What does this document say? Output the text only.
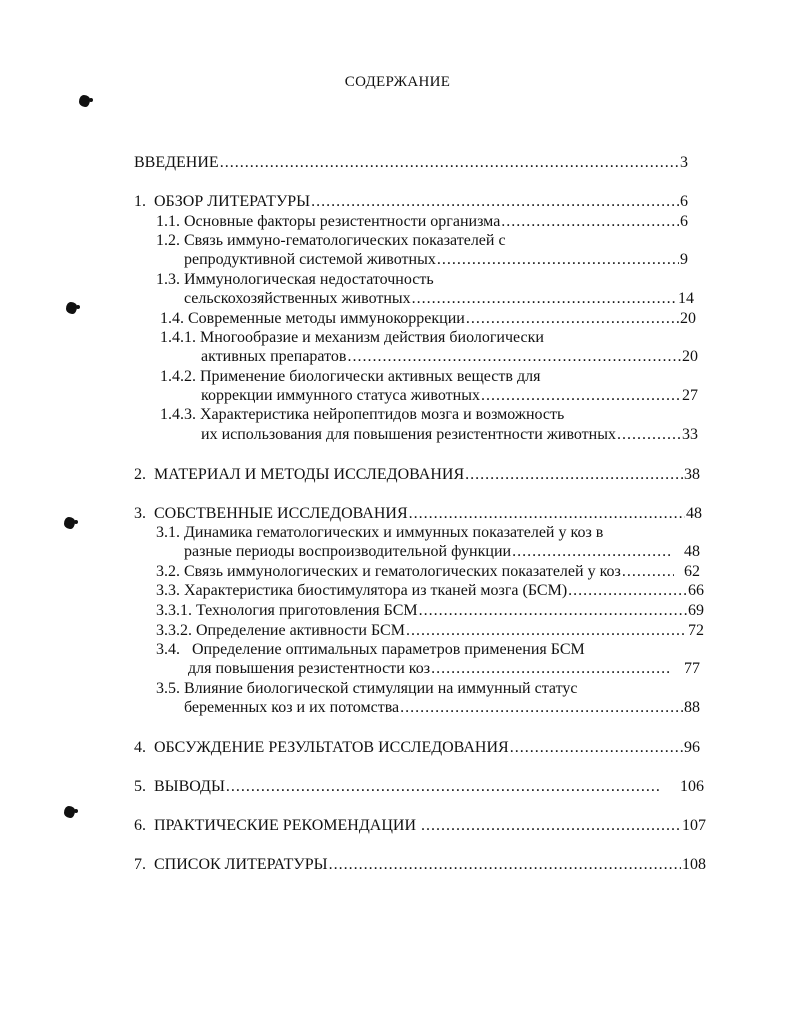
СОДЕРЖАНИЕ
ВВЕДЕНИЕ .....	3
1. ОБЗОР ЛИТЕРАТУРЫ .....	6
1.1. Основные факторы резистентности организма .....	6
1.2. Связь иммуно-гематологических показателей с
репродуктивной системой животных .....	9
1.3. Иммунологическая недостаточность
сельскохозяйственных животных .....	14
1.4. Современные методы иммунокоррекции .....	20
1.4.1. Многообразие и механизм действия биологически
активных препаратов .....	20
1.4.2. Применение биологически активных веществ для
коррекции иммунного статуса животных .....	27
1.4.3. Характеристика нейропептидов мозга и возможность
их использования для повышения резистентности животных .....	33
2. МАТЕРИАЛ И МЕТОДЫ ИССЛЕДОВАНИЯ .....	38
3. СОБСТВЕННЫЕ ИССЛЕДОВАНИЯ .....	48
3.1. Динамика гематологических и иммунных показателей у коз в
разные периоды воспроизводительной функции .....	48
3.2. Связь иммунологических и гематологических показателей у коз .....	62
3.3. Характеристика биостимулятора из тканей мозга (БСМ) .....	66
3.3.1. Технология приготовления БСМ .....	69
3.3.2. Определение активности БСМ .....	72
3.4. Определение оптимальных параметров применения БСМ
для повышения резистентности коз .....	77
3.5. Влияние биологической стимуляции на иммунный статус
беременных коз и их потомства .....	88
4. ОБСУЖДЕНИЕ РЕЗУЛЬТАТОВ ИССЛЕДОВАНИЯ .....	96
5. ВЫВОДЫ .....	106
6. ПРАКТИЧЕСКИЕ РЕКОМЕНДАЦИИ .....	107
7. СПИСОК ЛИТЕРАТУРЫ .....	108
